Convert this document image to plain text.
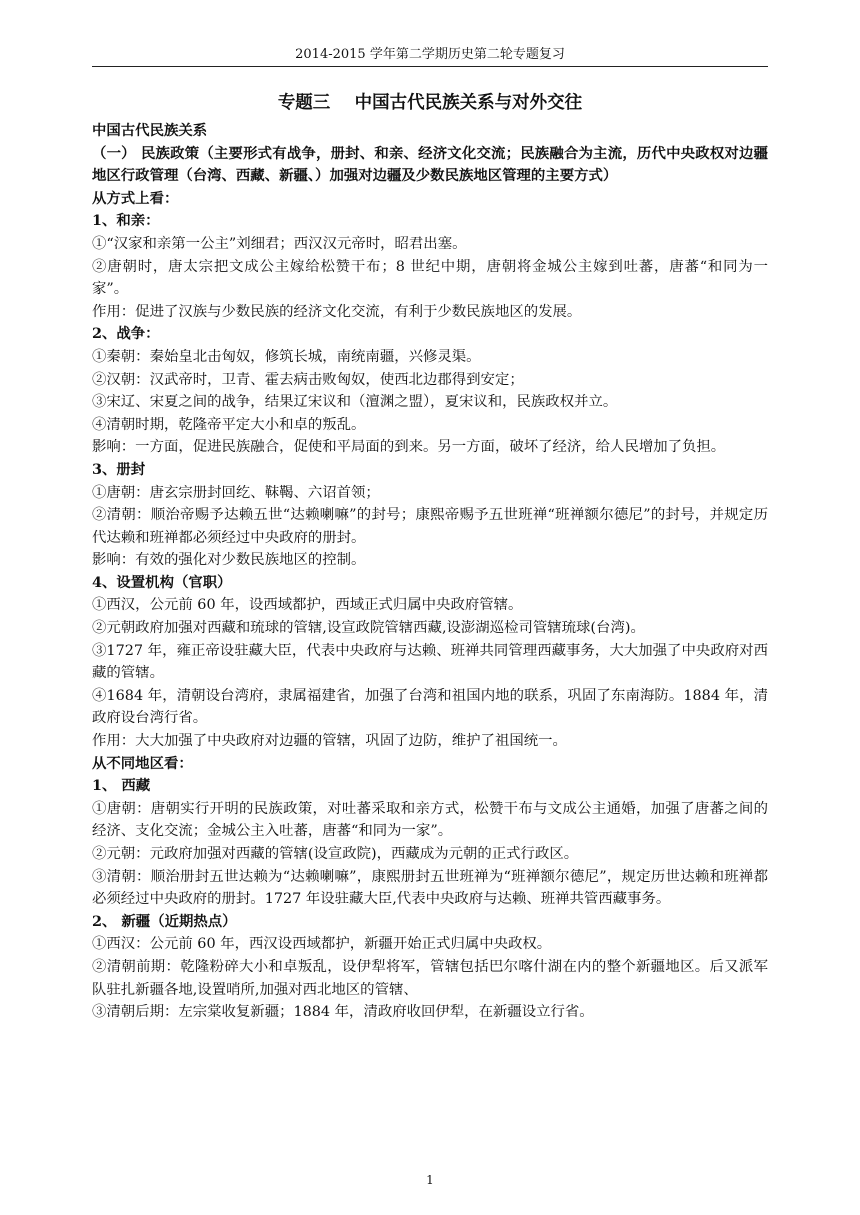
2014-2015 学年第二学期历史第二轮专题复习
专题三    中国古代民族关系与对外交往
中国古代民族关系
（一） 民族政策（主要形式有战争，册封、和亲、经济文化交流；民族融合为主流，历代中央政权对边疆地区行政管理（台湾、西藏、新疆、）加强对边疆及少数民族地区管理的主要方式）
从方式上看：
1、和亲：
①“汉家和亲第一公主”刘细君；西汉汉元帝时，昭君出塞。
②唐朝时，唐太宗把文成公主嫁给松赞干布；8 世纪中期，唐朝将金城公主嫁到吐蕃，唐蕃“和同为一家”。
作用：促进了汉族与少数民族的经济文化交流，有利于少数民族地区的发展。
2、战争：
①秦朝：秦始皇北击匈奴，修筑长城，南统南疆，兴修灵渠。
②汉朝：汉武帝时，卫青、霍去病击败匈奴，使西北边郡得到安定；
③宋辽、宋夏之间的战争，结果辽宋议和（澶渊之盟），夏宋议和，民族政权并立。
④清朝时期，乾隆帝平定大小和卓的叛乱。
影响：一方面，促进民族融合，促使和平局面的到来。另一方面，破坏了经济，给人民增加了负担。
3、册封
①唐朝：唐玄宗册封回纥、靺鞨、六诏首领；
②清朝：顺治帝赐予达赖五世“达赖喇嘛”的封号；康熙帝赐予五世班禅“班禅额尔德尼”的封号，并规定历代达赖和班禅都必须经过中央政府的册封。
影响：有效的强化对少数民族地区的控制。
4、设置机构（官职）
①西汉，公元前 60 年，设西域都护，西域正式归属中央政府管辖。
②元朝政府加强对西藏和琉球的管辖,设宣政院管辖西藏,设澎湖巡检司管辖琉球(台湾)。
③1727 年，雍正帝设驻藏大臣，代表中央政府与达赖、班禅共同管理西藏事务，大大加强了中央政府对西藏的管辖。
④1684 年，清朝设台湾府，隶属福建省，加强了台湾和祖国内地的联系，巩固了东南海防。1884 年，清政府设台湾行省。
作用：大大加强了中央政府对边疆的管辖，巩固了边防，维护了祖国统一。
从不同地区看：
1、 西藏
①唐朝：唐朝实行开明的民族政策，对吐蕃采取和亲方式，松赞干布与文成公主通婚，加强了唐蕃之间的经济、支化交流；金城公主入吐蕃，唐蕃“和同为一家”。
②元朝：元政府加强对西藏的管辖(设宣政院)，西藏成为元朝的正式行政区。
③清朝：顺治册封五世达赖为“达赖喇嘛”，康熙册封五世班禅为“班禅额尔德尼”，规定历世达赖和班禅都必须经过中央政府的册封。1727 年设驻藏大臣,代表中央政府与达赖、班禅共管西藏事务。
2、 新疆（近期热点）
①西汉：公元前 60 年，西汉设西域都护，新疆开始正式归属中央政权。
②清朝前期：乾隆粉碎大小和卓叛乱，设伊犁将军，管辖包括巴尔喀什湖在内的整个新疆地区。后又派军队驻扎新疆各地,设置哨所,加强对西北地区的管辖、
③清朝后期：左宗棠收复新疆；1884 年，清政府收回伊犁，在新疆设立行省。
1
